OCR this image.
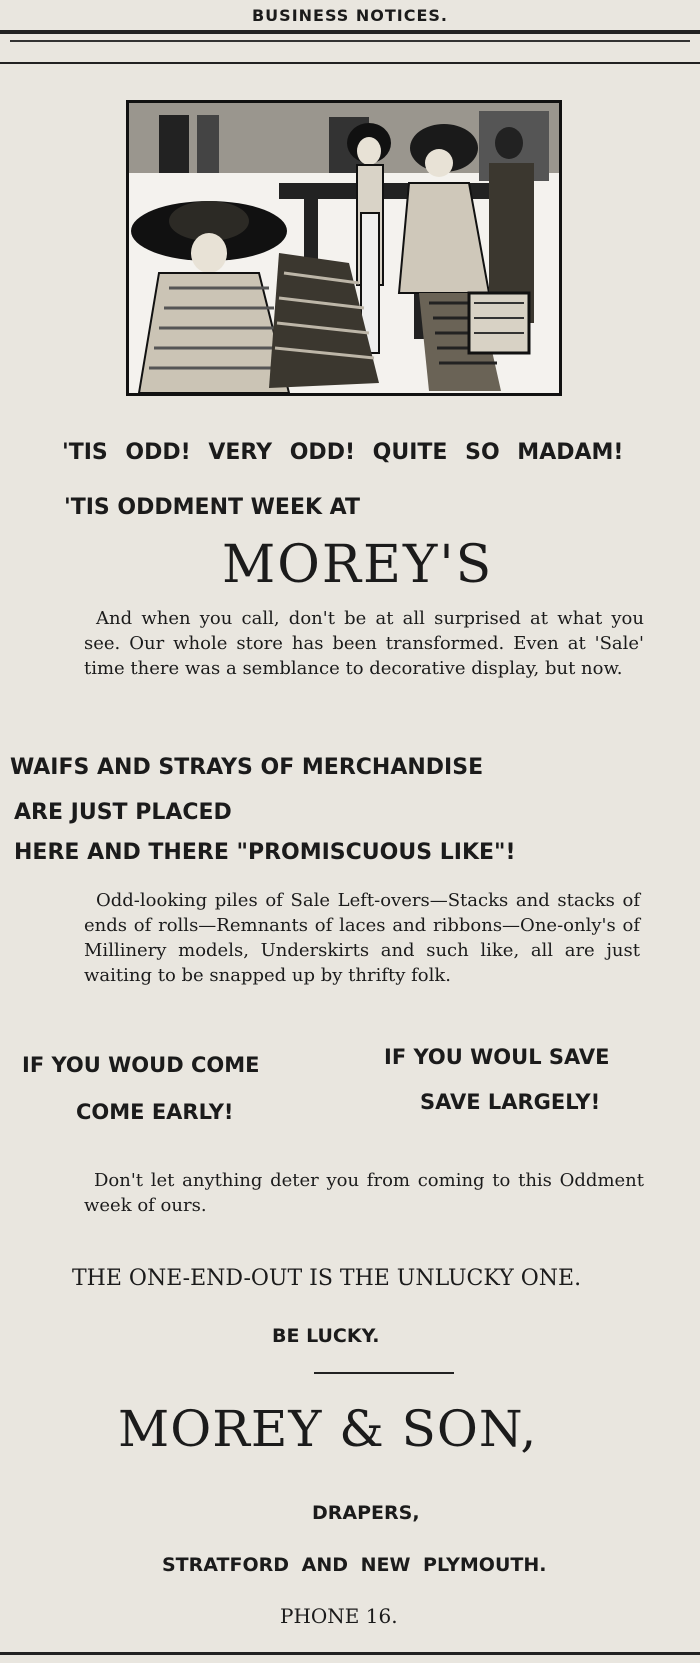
BUSINESS NOTICES.
'TIS ODD! VERY ODD! QUITE SO MADAM!
'TIS ODDMENT WEEK AT
MOREY'S
And when you call, don't be at all surprised at what you see. Our whole store has been transformed. Even at 'Sale' time there was a semblance to decorative display, but now.
WAIFS AND STRAYS OF MERCHANDISE
ARE JUST PLACED
HERE AND THERE "PROMISCUOUS LIKE"!
Odd-looking piles of Sale Left-overs—Stacks and stacks of ends of rolls—Remnants of laces and ribbons—One-only's of Millinery models, Underskirts and such like, all are just waiting to be snapped up by thrifty folk.
IF YOU WOUD COME
COME EARLY!
IF YOU WOUL SAVE
SAVE LARGELY!
Don't let anything deter you from coming to this Oddment week of ours.
THE ONE-END-OUT IS THE UNLUCKY ONE.
BE LUCKY.
MOREY & SON,
DRAPERS,
STRATFORD AND NEW PLYMOUTH.
PHONE 16.
